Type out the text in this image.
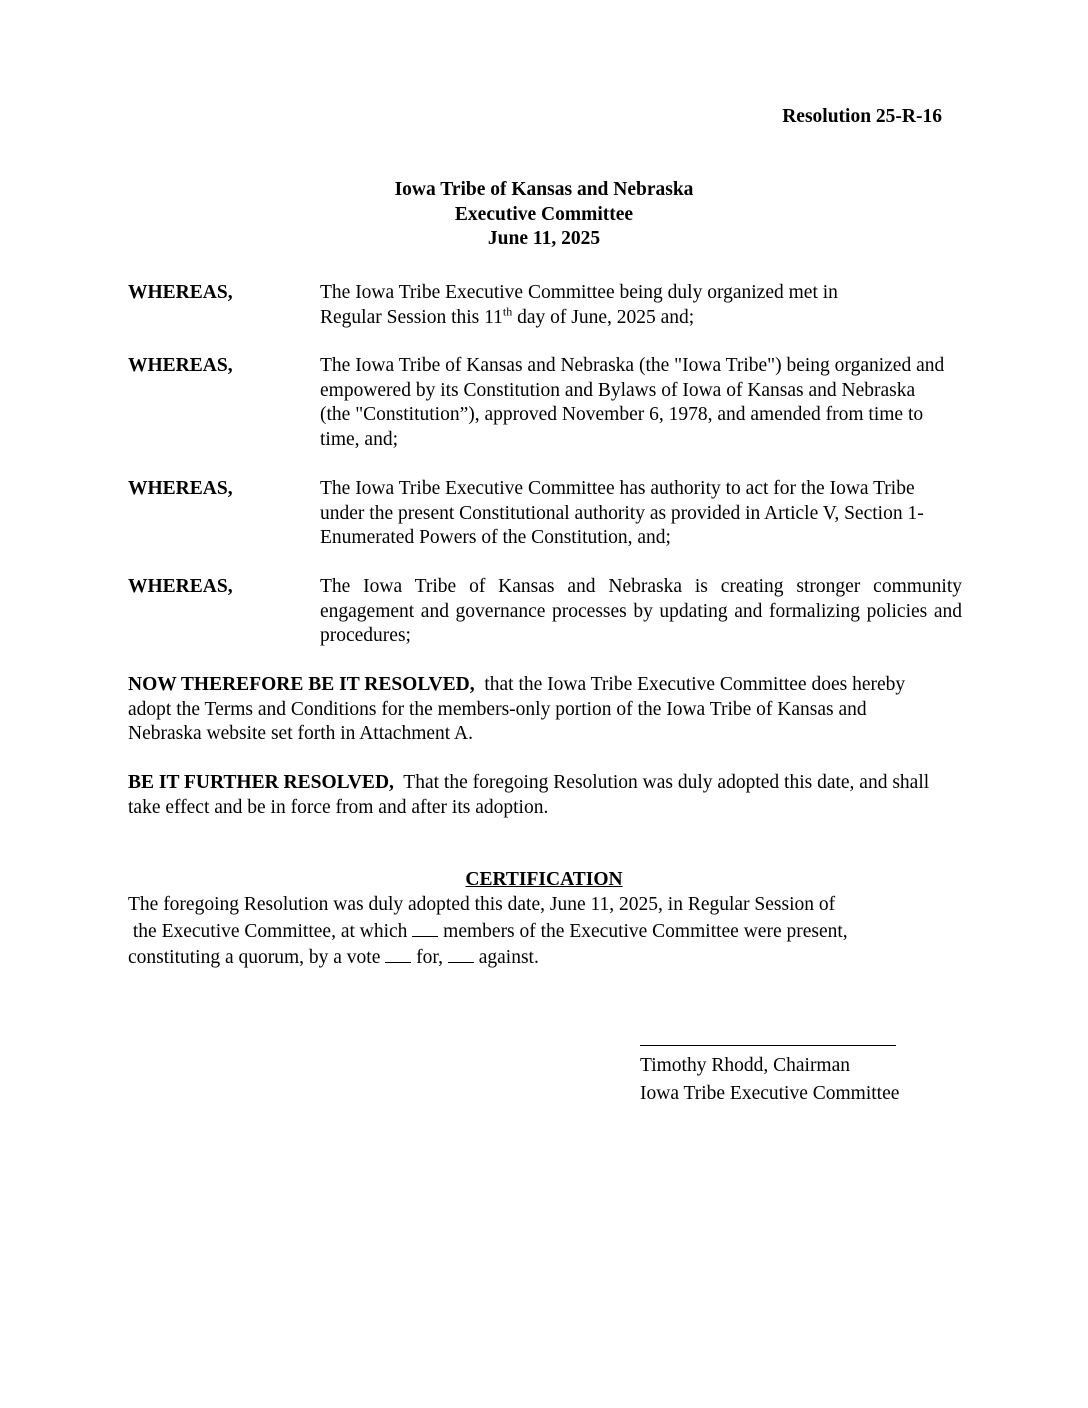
Resolution 25-R-16
Iowa Tribe of Kansas and Nebraska
Executive Committee
June 11, 2025
WHEREAS,	The Iowa Tribe Executive Committee being duly organized met in Regular Session this 11th day of June, 2025 and;
WHEREAS,	The Iowa Tribe of Kansas and Nebraska (the "Iowa Tribe") being organized and empowered by its Constitution and Bylaws of Iowa of Kansas and Nebraska (the "Constitution”), approved November 6, 1978, and amended from time to time, and;
WHEREAS,	The Iowa Tribe Executive Committee has authority to act for the Iowa Tribe under the present Constitutional authority as provided in Article V, Section 1-Enumerated Powers of the Constitution, and;
WHEREAS,	The Iowa Tribe of Kansas and Nebraska is creating stronger community engagement and governance processes by updating and formalizing policies and procedures;
NOW THEREFORE BE IT RESOLVED,  that the Iowa Tribe Executive Committee does hereby adopt the Terms and Conditions for the members-only portion of the Iowa Tribe of Kansas and Nebraska website set forth in Attachment A.
BE IT FURTHER RESOLVED,  That the foregoing Resolution was duly adopted this date, and shall take effect and be in force from and after its adoption.
CERTIFICATION
The foregoing Resolution was duly adopted this date, June 11, 2025, in Regular Session of
the Executive Committee, at which  members of the Executive Committee were present,
constituting a quorum, by a vote  for,  against.
Timothy Rhodd, Chairman
Iowa Tribe Executive Committee
